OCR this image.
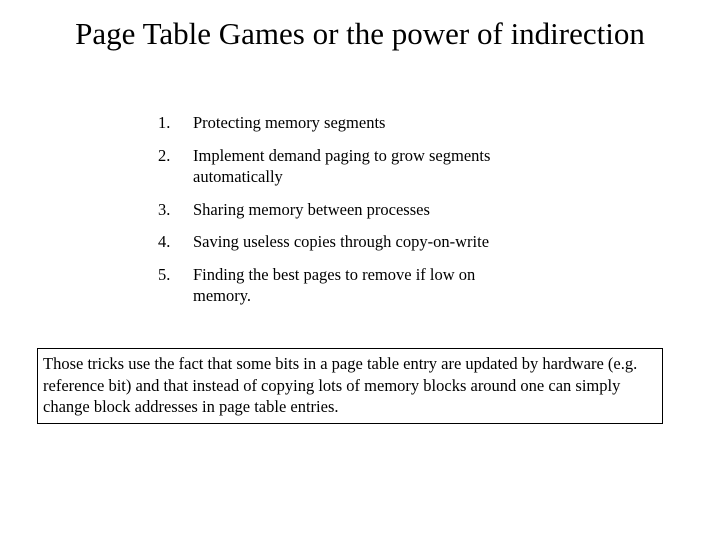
Page Table Games or the power of indirection
1. Protecting memory segments
2. Implement demand paging to grow segments automatically
3. Sharing memory between processes
4. Saving useless copies through copy-on-write
5. Finding the best pages to remove if low on memory.
Those tricks use the fact that some bits in a page table entry are updated by hardware (e.g. reference bit) and that instead of copying lots of memory blocks around one can simply change block addresses in page table entries.
